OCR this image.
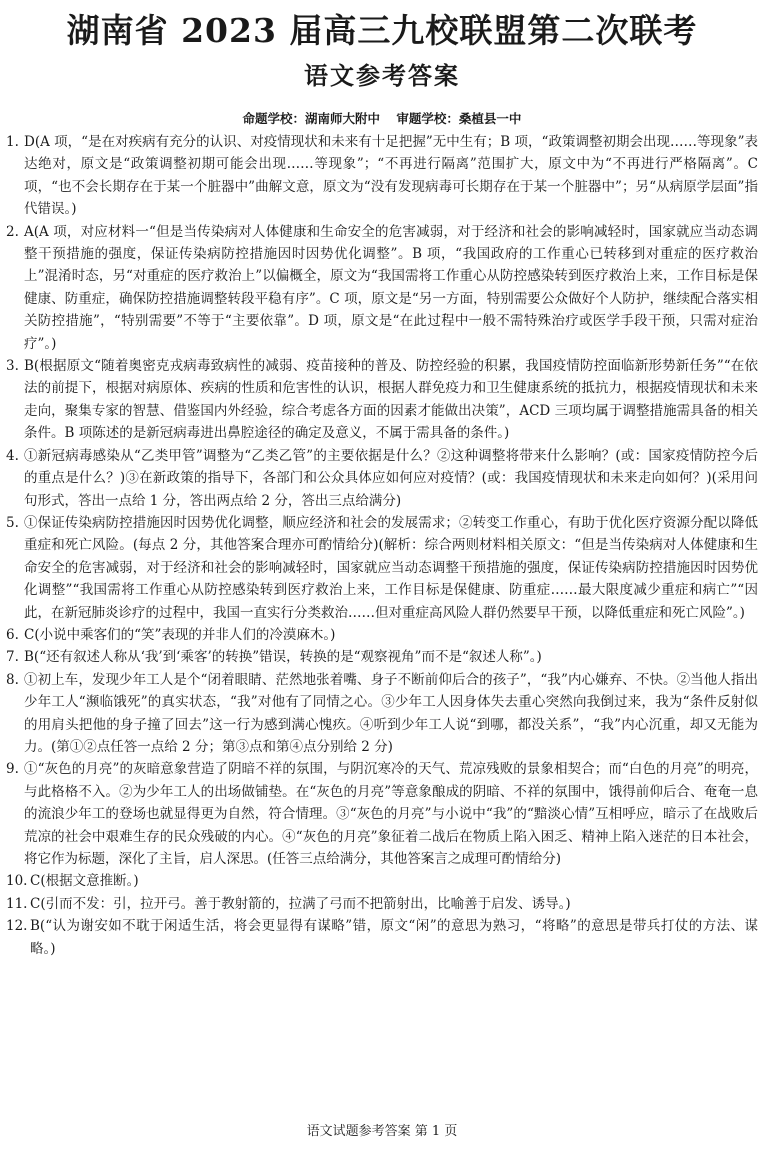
湖南省 2023 届高三九校联盟第二次联考
语文参考答案
命题学校：湖南师大附中 审题学校：桑植县一中

1. D(A 项，“是在对疾病有充分的认识、对疫情现状和未来有十足把握”无中生有；B 项，“政策调整初期会出现……等现象”表达绝对，原文是“政策调整初期可能会出现……等现象”；“不再进行隔离”范围扩大，原文中为“不再进行严格隔离”。C 项，“也不会长期存在于某一个脏器中”曲解文意，原文为“没有发现病毒可长期存在于某一个脏器中”；另“从病原学层面”指代错误。)

2. A(A 项，对应材料一“但是当传染病对人体健康和生命安全的危害减弱，对于经济和社会的影响减轻时，国家就应当动态调整干预措施的强度，保证传染病防控措施因时因势优化调整”。B 项，“我国政府的工作重心已转移到对重症的医疗救治上”混淆时态，另“对重症的医疗救治上”以偏概全，原文为“我国需将工作重心从防控感染转到医疗救治上来，工作目标是保健康、防重症，确保防控措施调整转段平稳有序”。C 项，原文是“另一方面，特别需要公众做好个人防护，继续配合落实相关防控措施”，“特别需要”不等于“主要依靠”。D 项，原文是“在此过程中一般不需特殊治疗或医学手段干预，只需对症治疗”。)

3. B(根据原文“随着奥密克戎病毒致病性的减弱、疫苗接种的普及、防控经验的积累，我国疫情防控面临新形势新任务”“在依法的前提下，根据对病原体、疾病的性质和危害性的认识，根据人群免疫力和卫生健康系统的抵抗力，根据疫情现状和未来走向，聚集专家的智慧、借鉴国内外经验，综合考虑各方面的因素才能做出决策”，ACD 三项均属于调整措施需具备的相关条件。B 项陈述的是新冠病毒进出鼻腔途径的确定及意义，不属于需具备的条件。)

4. ①新冠病毒感染从“乙类甲管”调整为“乙类乙管”的主要依据是什么？②这种调整将带来什么影响？(或：国家疫情防控今后的重点是什么？)③在新政策的指导下，各部门和公众具体应如何应对疫情？(或：我国疫情现状和未来走向如何？)(采用问句形式，答出一点给 1 分，答出两点给 2 分，答出三点给满分)

5. ①保证传染病防控措施因时因势优化调整，顺应经济和社会的发展需求；②转变工作重心，有助于优化医疗资源分配以降低重症和死亡风险。(每点 2 分，其他答案合理亦可酌情给分)(解析：综合两则材料相关原文：“但是当传染病对人体健康和生命安全的危害减弱，对于经济和社会的影响减轻时，国家就应当动态调整干预措施的强度，保证传染病防控措施因时因势优化调整”“我国需将工作重心从防控感染转到医疗救治上来，工作目标是保健康、防重症……最大限度减少重症和病亡”“因此，在新冠肺炎诊疗的过程中，我国一直实行分类救治……但对重症高风险人群仍然要早干预，以降低重症和死亡风险”。)

6. C(小说中乘客们的“笑”表现的并非人们的冷漠麻木。)

7. B(“还有叙述人称从‘我’到‘乘客’的转换”错误，转换的是“观察视角”而不是“叙述人称”。)

8. ①初上车，发现少年工人是个“闭着眼睛、茫然地张着嘴、身子不断前仰后合的孩子”，“我”内心嫌弃、不快。②当他人指出少年工人“濒临饿死”的真实状态，“我”对他有了同情之心。③少年工人因身体失去重心突然向我倒过来，我为“条件反射似的用肩头把他的身子撞了回去”这一行为感到满心愧疚。④听到少年工人说“到哪，都没关系”，“我”内心沉重，却又无能为力。(第①②点任答一点给 2 分；第③点和第④点分别给 2 分)

9. ①“灰色的月亮”的灰暗意象营造了阴暗不祥的氛围，与阴沉寒冷的天气、荒凉残败的景象相契合；而“白色的月亮”的明亮，与此格格不入。②为少年工人的出场做铺垫。在“灰色的月亮”等意象酿成的阴暗、不祥的氛围中，饿得前仰后合、奄奄一息的流浪少年工的登场也就显得更为自然，符合情理。③“灰色的月亮”与小说中“我”的“黯淡心情”互相呼应，暗示了在战败后荒凉的社会中艰难生存的民众残破的内心。④“灰色的月亮”象征着二战后在物质上陷入困乏、精神上陷入迷茫的日本社会，将它作为标题，深化了主旨，启人深思。(任答三点给满分，其他答案言之成理可酌情给分)

10. C(根据文意推断。)

11. C(引而不发：引，拉开弓。善于教射箭的，拉满了弓而不把箭射出，比喻善于启发、诱导。)

12. B(“认为谢安如不耽于闲适生活，将会更显得有谋略”错，原文“闲”的意思为熟习，“将略”的意思是带兵打仗的方法、谋略。)

语文试题参考答案 第 1 页
